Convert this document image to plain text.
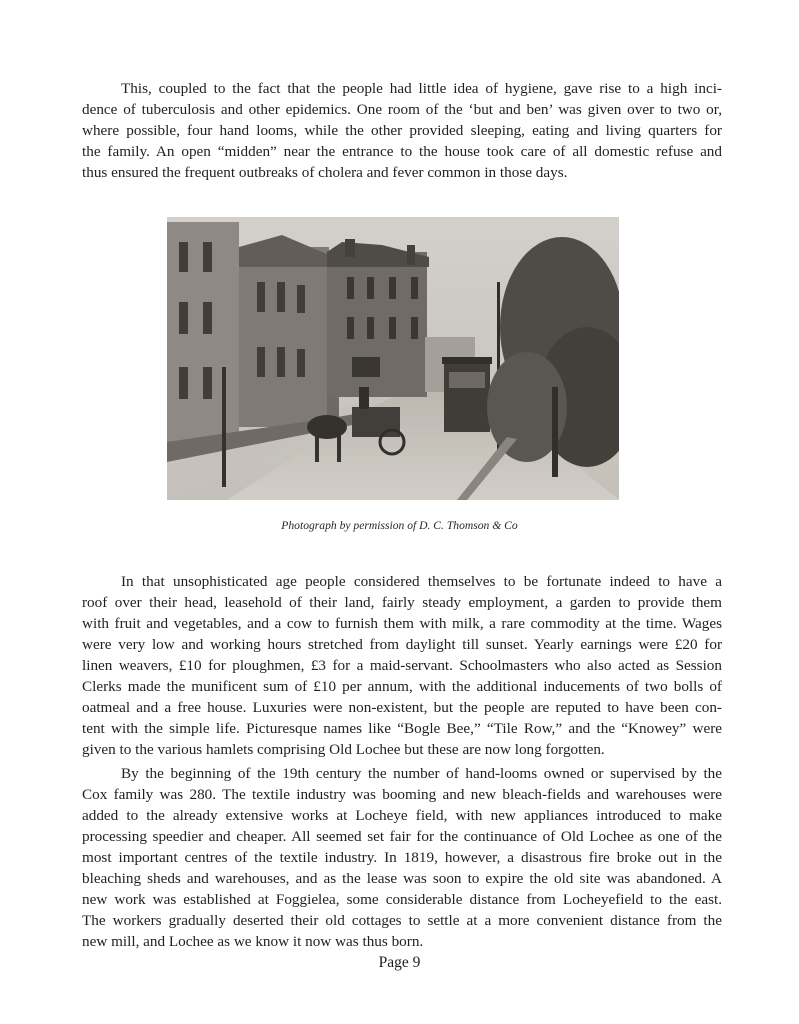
This, coupled to the fact that the people had little idea of hygiene, gave rise to a high inci-
dence of tuberculosis and other epidemics. One room of the ‘but and ben’ was given over to two or,
where possible, four hand looms, while the other provided sleeping, eating and living quarters for
the family. An open “midden” near the entrance to the house took care of all domestic refuse and
thus ensured the frequent outbreaks of cholera and fever common in those days.
Photograph by permission of D. C. Thomson & Co
In that unsophisticated age people considered themselves to be fortunate indeed to have a
roof over their head, leasehold of their land, fairly steady employment, a garden to provide them
with fruit and vegetables, and a cow to furnish them with milk, a rare commodity at the time. Wages
were very low and working hours stretched from daylight till sunset. Yearly earnings were £20 for
linen weavers, £10 for ploughmen, £3 for a maid-servant. Schoolmasters who also acted as Session
Clerks made the munificent sum of £10 per annum, with the additional inducements of two bolls of
oatmeal and a free house. Luxuries were non-existent, but the people are reputed to have been con-
tent with the simple life. Picturesque names like “Bogle Bee,” “Tile Row,” and the “Knowey” were
given to the various hamlets comprising Old Lochee but these are now long forgotten.
By the beginning of the 19th century the number of hand-looms owned or supervised by the
Cox family was 280. The textile industry was booming and new bleach-fields and warehouses were
added to the already extensive works at Locheye field, with new appliances introduced to make
processing speedier and cheaper. All seemed set fair for the continuance of Old Lochee as one of the
most important centres of the textile industry. In 1819, however, a disastrous fire broke out in the
bleaching sheds and warehouses, and as the lease was soon to expire the old site was abandoned. A
new work was established at Foggielea, some considerable distance from Locheyefield to the east.
The workers gradually deserted their old cottages to settle at a more convenient distance from the
new mill, and Lochee as we know it now was thus born.
Page 9
